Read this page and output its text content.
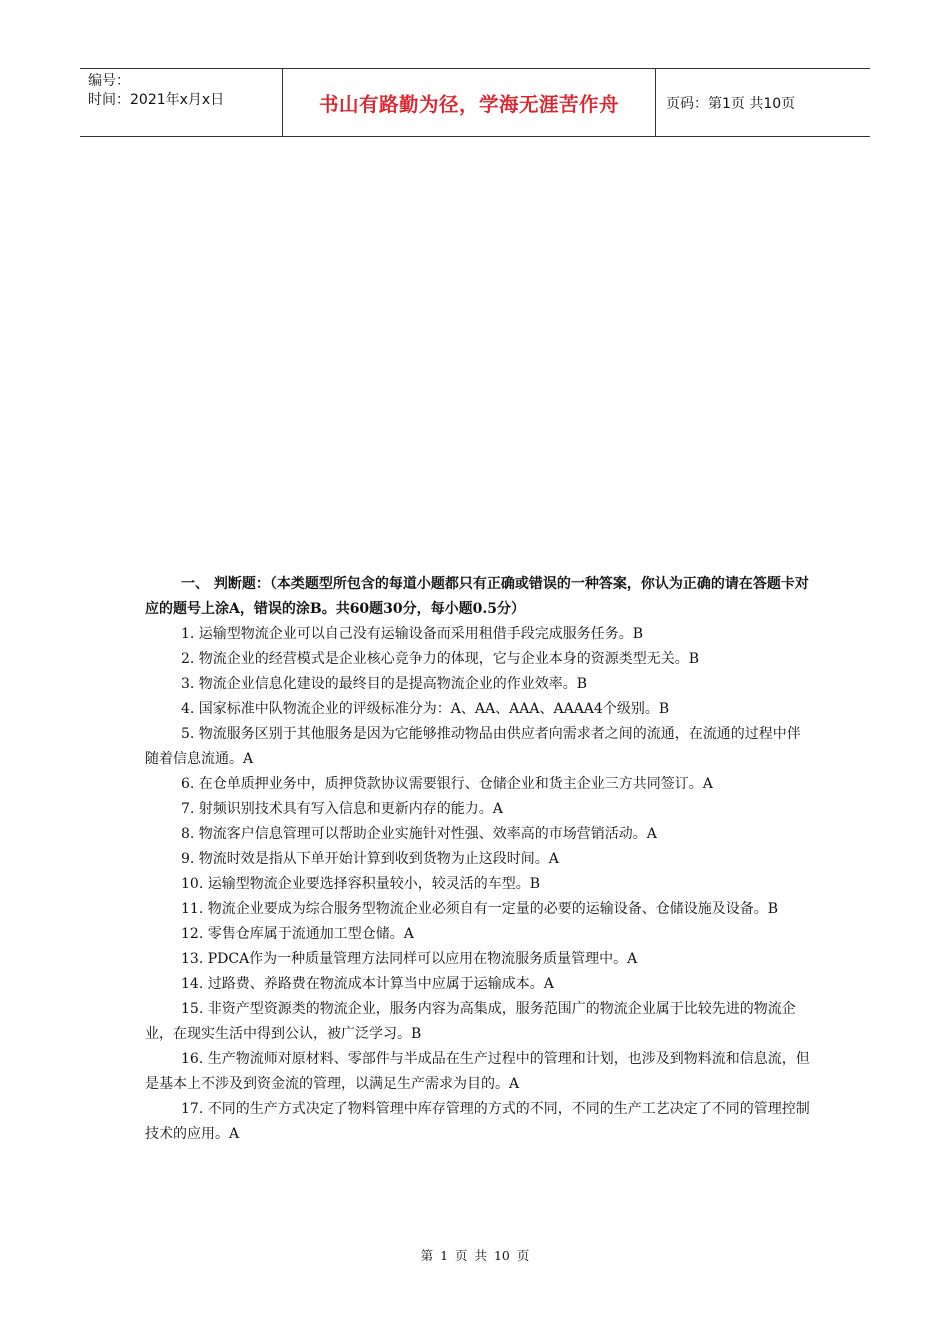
编号：
时间：2021年x月x日	书山有路勤为径，学海无涯苦作舟	页码：第1页 共10页

一、 判断题：（本类题型所包含的每道小题都只有正确或错误的一种答案，你认为正确的请在答题卡对应的题号上涂A，错误的涂B。共60题30分，每小题0.5分）

1. 运输型物流企业可以自己没有运输设备而采用租借手段完成服务任务。B

2. 物流企业的经营模式是企业核心竞争力的体现，它与企业本身的资源类型无关。B

3. 物流企业信息化建设的最终目的是提高物流企业的作业效率。B

4. 国家标准中队物流企业的评级标准分为：A、AA、AAA、AAAA4个级别。B

5. 物流服务区别于其他服务是因为它能够推动物品由供应者向需求者之间的流通，在流通的过程中伴随着信息流通。A

6. 在仓单质押业务中，质押贷款协议需要银行、仓储企业和货主企业三方共同签订。A

7. 射频识别技术具有写入信息和更新内存的能力。A

8. 物流客户信息管理可以帮助企业实施针对性强、效率高的市场营销活动。A

9. 物流时效是指从下单开始计算到收到货物为止这段时间。A

10. 运输型物流企业要选择容积量较小，较灵活的车型。B

11. 物流企业要成为综合服务型物流企业必须自有一定量的必要的运输设备、仓储设施及设备。B

12. 零售仓库属于流通加工型仓储。A

13. PDCA作为一种质量管理方法同样可以应用在物流服务质量管理中。A

14. 过路费、养路费在物流成本计算当中应属于运输成本。A

15. 非资产型资源类的物流企业，服务内容为高集成，服务范围广的物流企业属于比较先进的物流企业，在现实生活中得到公认，被广泛学习。B

16. 生产物流师对原材料、零部件与半成品在生产过程中的管理和计划，也涉及到物料流和信息流，但是基本上不涉及到资金流的管理，以满足生产需求为目的。A

17. 不同的生产方式决定了物料管理中库存管理的方式的不同，不同的生产工艺决定了不同的管理控制技术的应用。A

第 1 页 共 10 页
